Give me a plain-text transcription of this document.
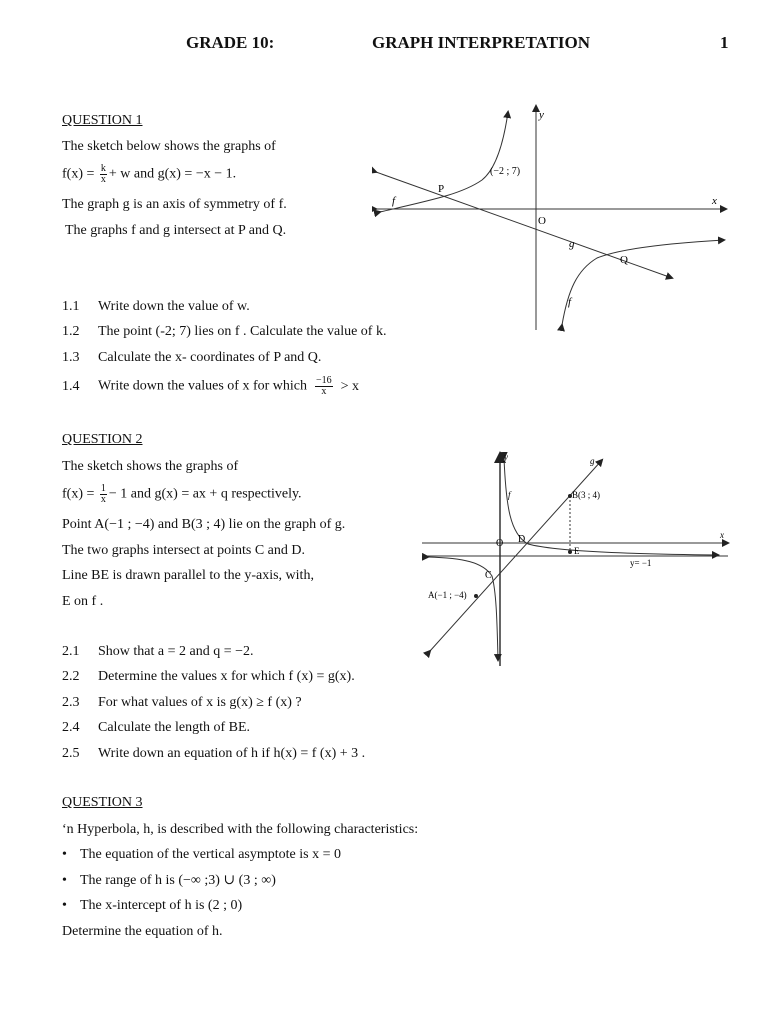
GRADE 10:	GRAPH INTERPRETATION	1
QUESTION 1
The sketch below shows the graphs of
$f(x) = \frac{k}{x} + w$ and g(x) = −x − 1.
The graph g is an axis of symmetry of f.
The graphs f and g intersect at P and Q.
1.1 Write down the value of w.
1.2 The point (-2; 7) lies on f . Calculate the value of k.
1.3 Calculate the x- coordinates of P and Q.
1.4 Write down the values of x for which $\frac{-16}{x} > x$
y
x
O
P
Q
f
f
g
(−2 ; 7)
QUESTION 2
The sketch shows the graphs of
$f(x) = \frac{1}{x} - 1$ and g(x) = ax + q respectively.
Point A(−1 ; −4) and B(3 ; 4) lie on the graph of g.
The two graphs intersect at points C and D.
Line BE is drawn parallel to the y-axis, with,
E on f .
2.1 Show that a = 2 and q = −2.
2.2 Determine the values x for which f (x) = g(x).
2.3 For what values of x is g(x) ≥ f (x) ?
2.4 Calculate the length of BE.
2.5 Write down an equation of h if h(x) = f (x) + 3 .
y
x
O D
C
E
B(3 ; 4)
A(−1 ; −4)
f
g
y= −1
QUESTION 3
‘n Hyperbola, h, is described with the following characteristics:
• The equation of the vertical asymptote is x = 0
• The range of h is (−∞ ;3) ∪ (3 ; ∞)
• The x-intercept of h is (2 ; 0)
Determine the equation of h.
